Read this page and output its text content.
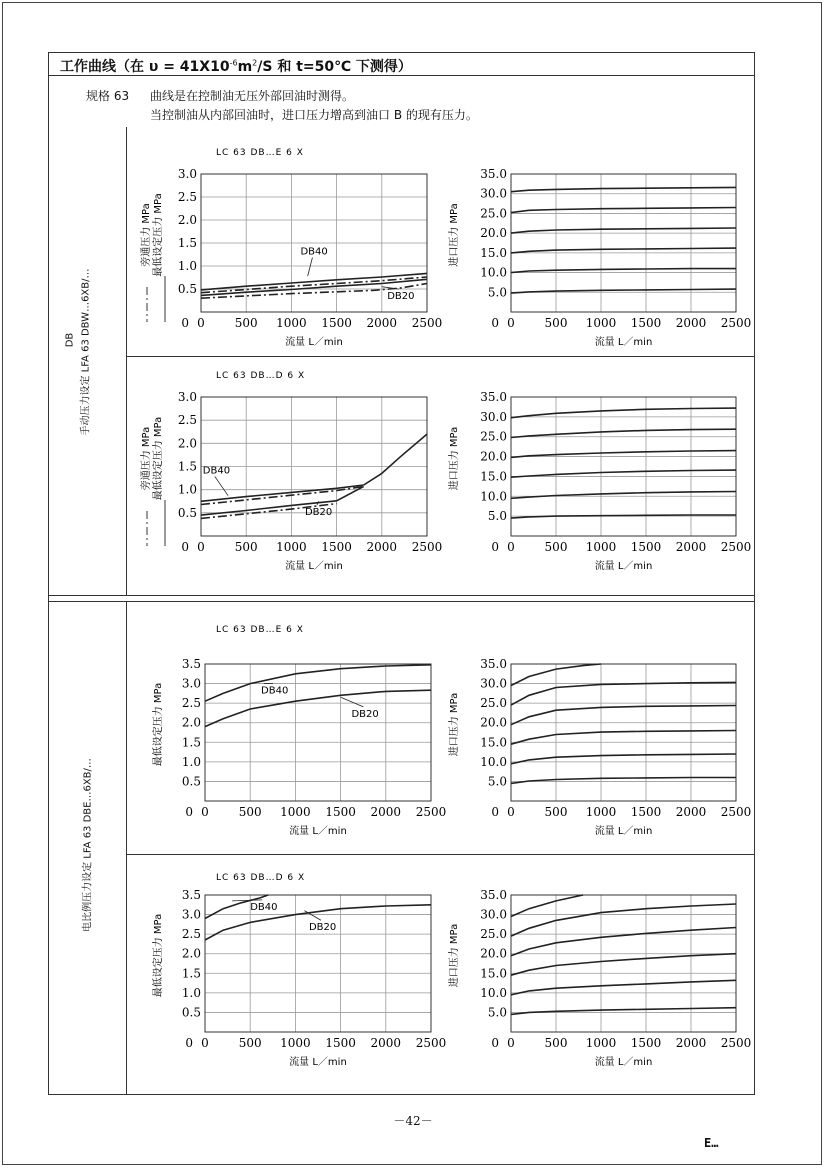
工作曲线（在 $\upsilon = 41X10^{-6}m^2/S$ 和 t=50℃ 下测得）
规格 63 曲线是在控制油无压外部回油时测得。
当控制油从内部回油时，进口压力增高到油口 B 的现有压力。
手动压力设定 LFA 63 DBW…6XB/…
DB
电比例压力设定 LFA 63 DBE…6XB/…
0 500 1000 1500 2000 2500
0
0.5
1.0
1.5
2.0
2.5
3.0
流量 L／min
旁通压力 MPa 最低设定压力 MPa
LC 63 DB…E 6 X
DB40
DB20
0 500 1000 1500 2000 2500
0
5.0
10.0
15.0
20.0
25.0
30.0
35.0
流量 L／min
进口压力 MPa
0 500 1000 1500 2000 2500
0
0.5
1.0
1.5
2.0
2.5
3.0
流量 L／min
旁通压力 MPa 最低设定压力 MPa
LC 63 DB…D 6 X
DB40
DB20
0 500 1000 1500 2000 2500
0
5.0
10.0
15.0
20.0
25.0
30.0
35.0
流量 L／min
进口压力 MPa
0 500 1000 1500 2000 2500
0
0.5
1.0
1.5
2.0
2.5
3.0
3.5
流量 L／min
最低设定压力 MPa
LC 63 DB…E 6 X
DB40
DB20
0 500 1000 1500 2000 2500
0
5.0
10.0
15.0
20.0
25.0
30.0
35.0
流量 L／min
进口压力 MPa
0 500 1000 1500 2000 2500
0
0.5
1.0
1.5
2.0
2.5
3.0
3.5
流量 L／min
最低设定压力 MPa
LC 63 DB…D 6 X
DB40
DB20
0 500 1000 1500 2000 2500
0
5.0
10.0
15.0
20.0
25.0
30.0
35.0
流量 L／min
进口压力 MPa
－42－
E…
